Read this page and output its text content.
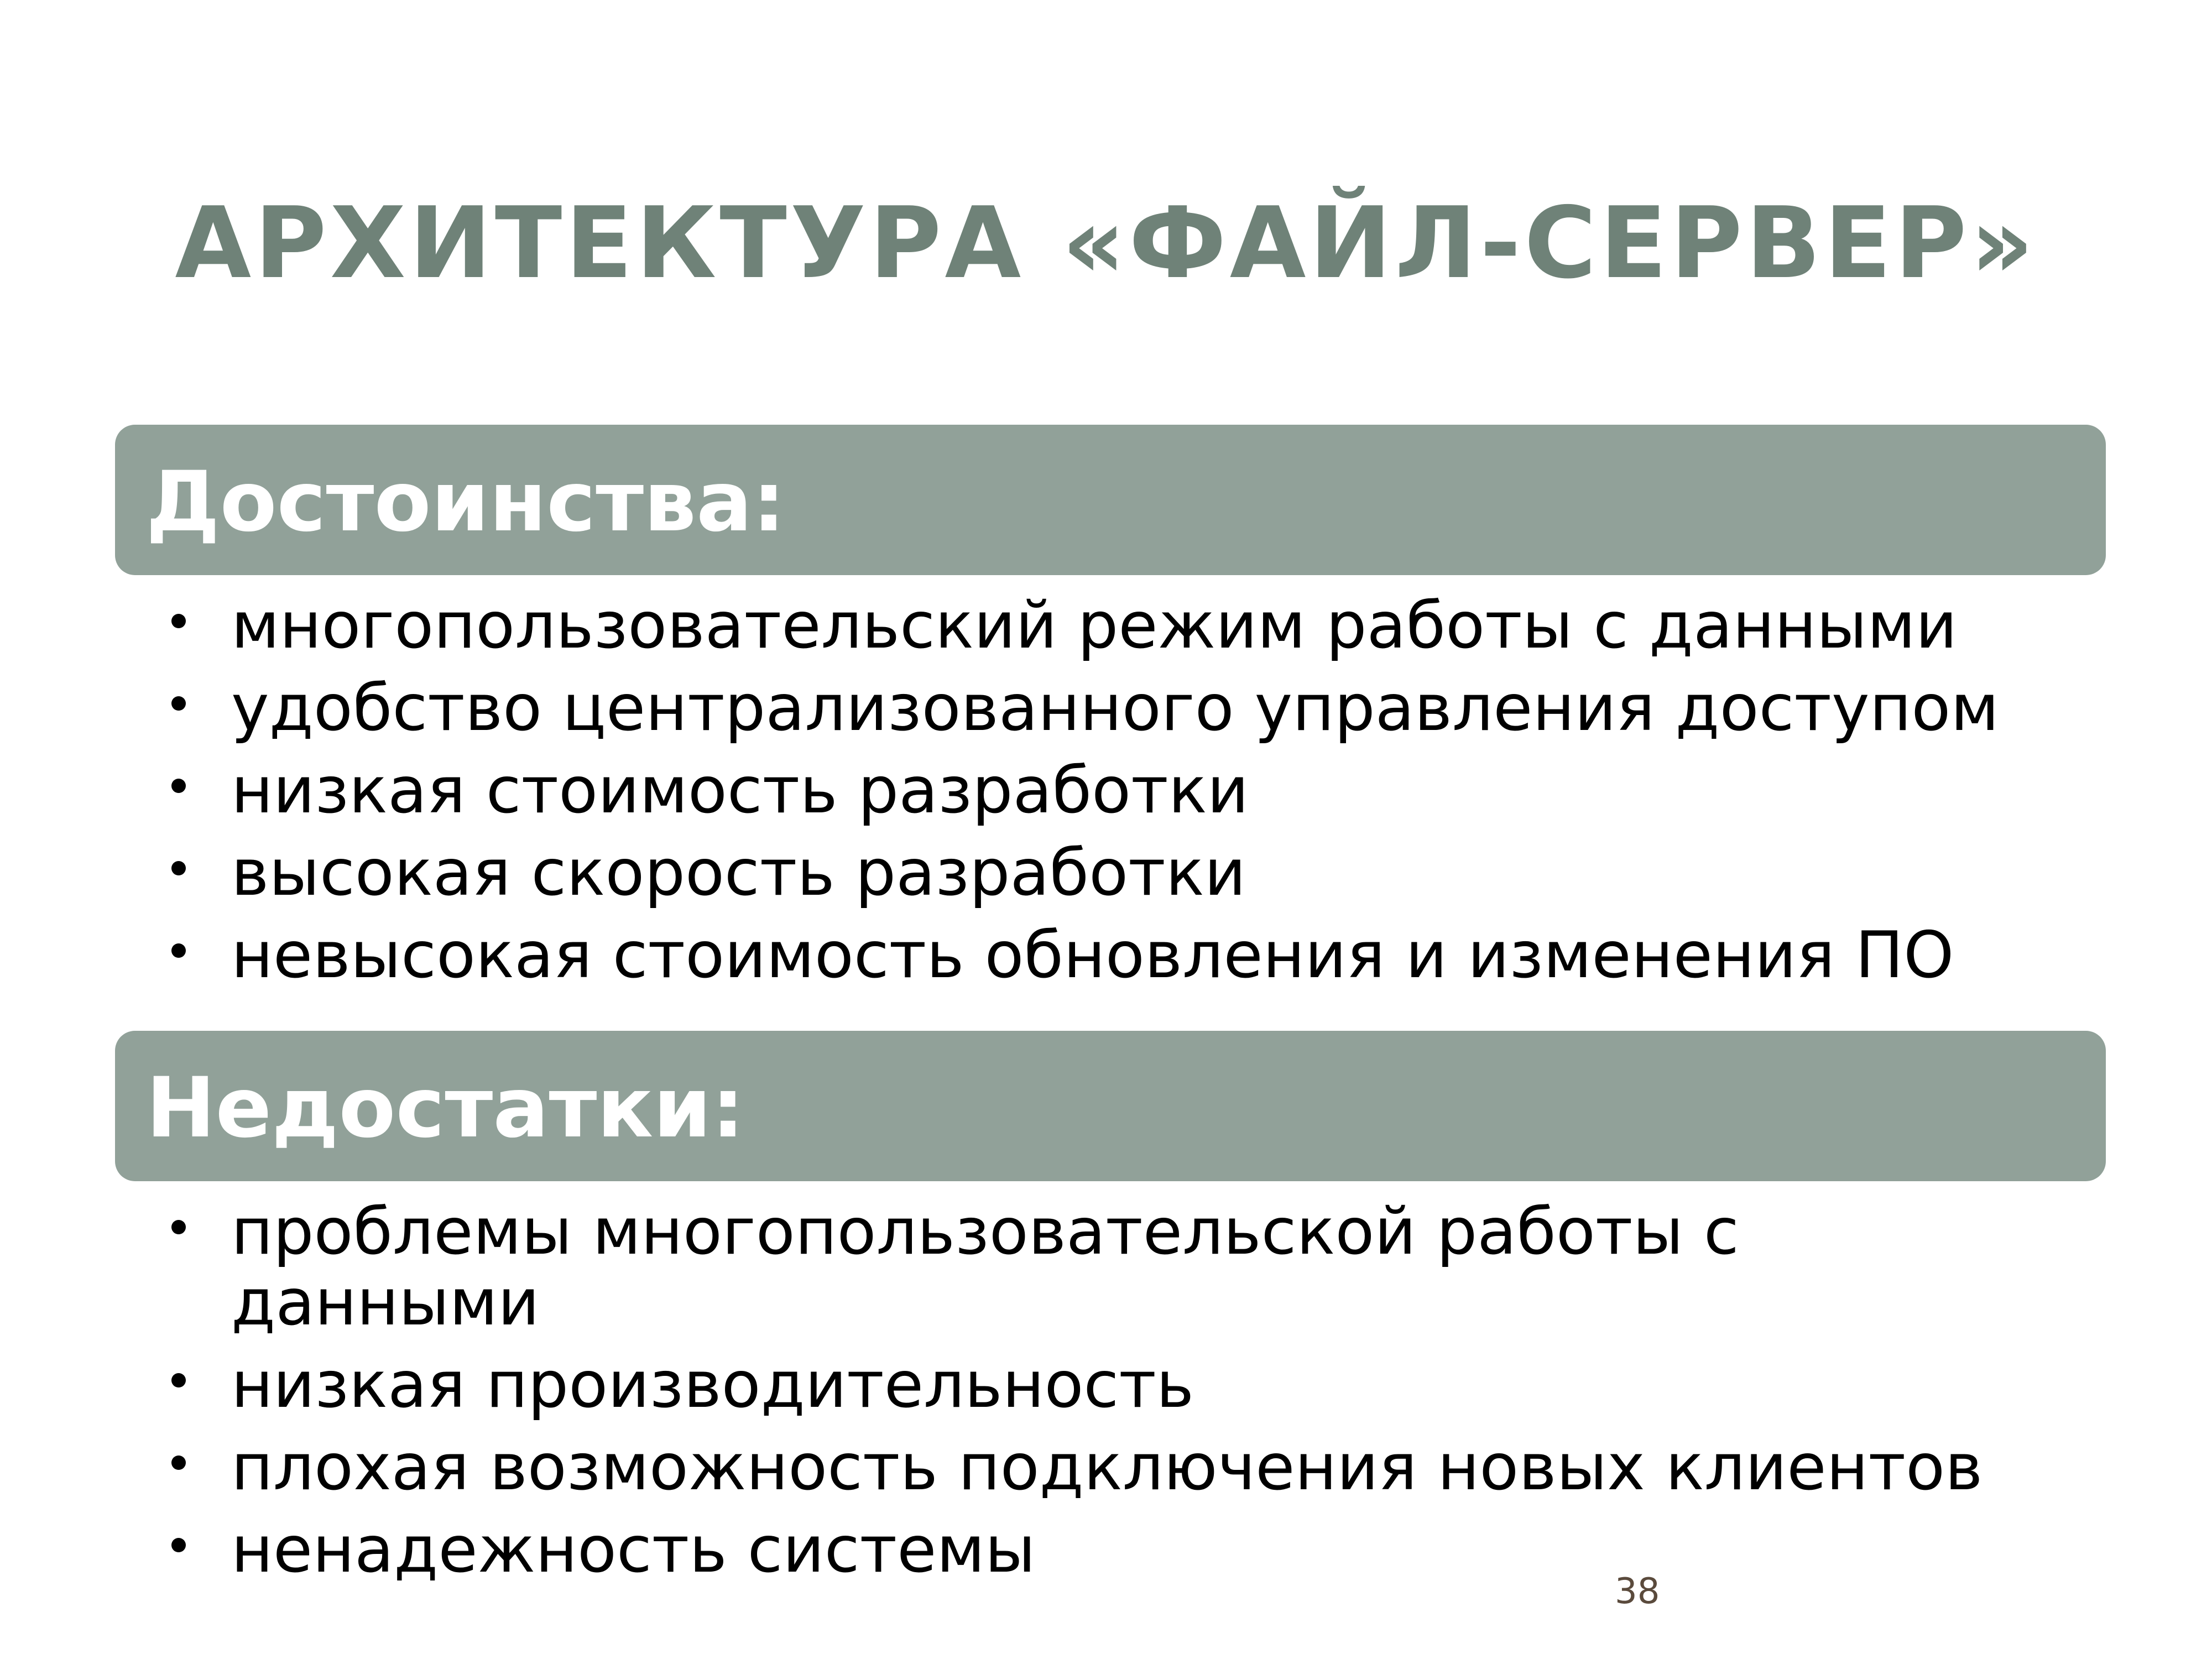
АРХИТЕКТУРА «ФАЙЛ-СЕРВЕР»
Достоинства:
многопользовательский режим работы с данными
удобство централизованного управления доступом
низкая стоимость разработки
высокая скорость разработки
невысокая стоимость обновления и изменения ПО
Недостатки:
проблемы многопользовательской работы с данными
низкая производительность
плохая возможность подключения новых клиентов
ненадежность системы
38
